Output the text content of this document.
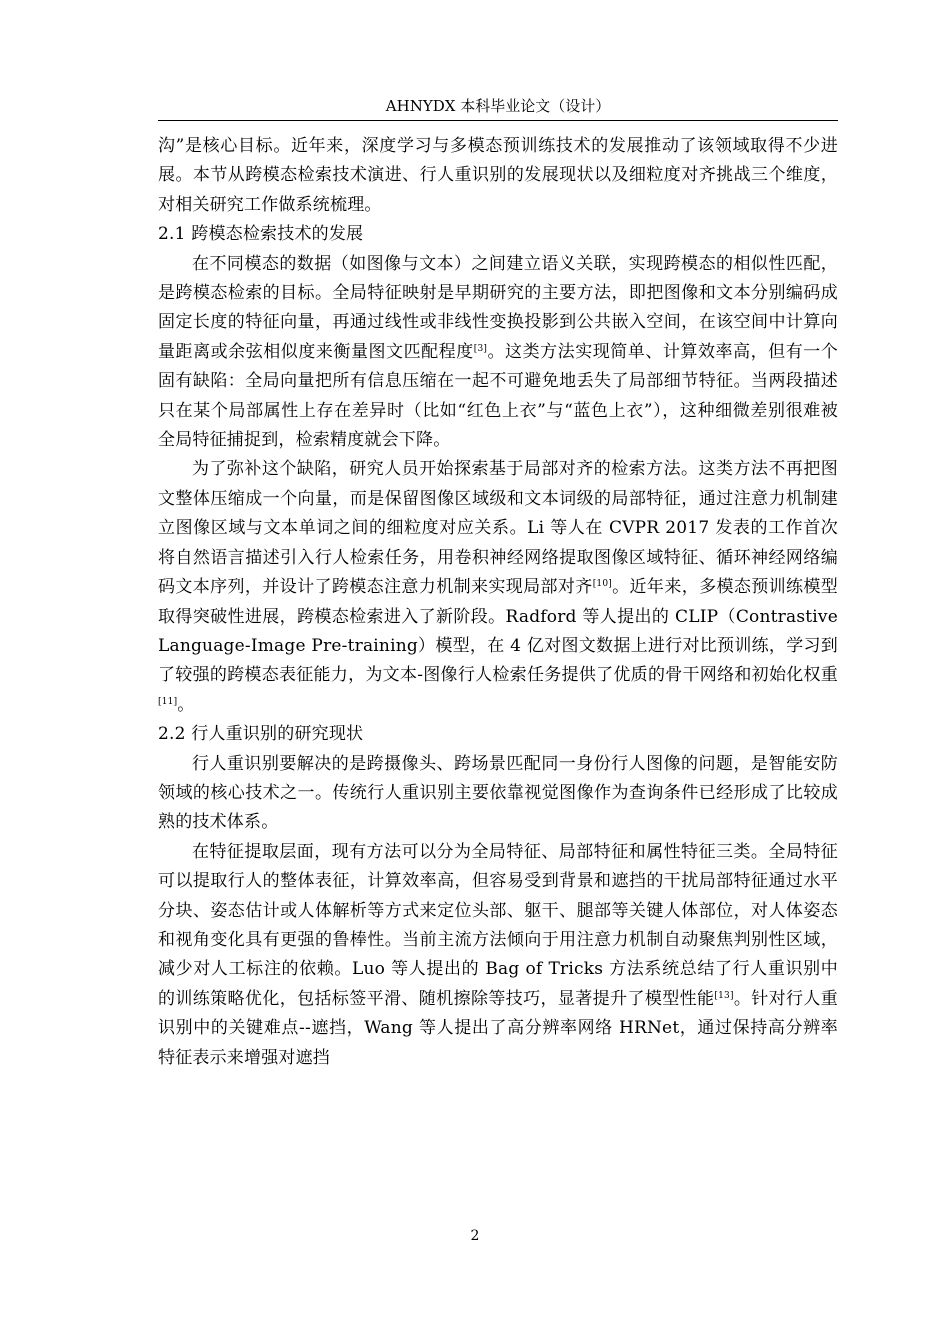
AHNYDX 本科毕业论文（设计）

沟”是核心目标。近年来，深度学习与多模态预训练技术的发展推动了该领域取得不少进展。本节从跨模态检索技术演进、行人重识别的发展现状以及细粒度对齐挑战三个维度，对相关研究工作做系统梳理。

2.1 跨模态检索技术的发展

在不同模态的数据（如图像与文本）之间建立语义关联，实现跨模态的相似性匹配，是跨模态检索的目标。全局特征映射是早期研究的主要方法，即把图像和文本分别编码成固定长度的特征向量，再通过线性或非线性变换投影到公共嵌入空间，在该空间中计算向量距离或余弦相似度来衡量图文匹配程度[3]。这类方法实现简单、计算效率高，但有一个固有缺陷：全局向量把所有信息压缩在一起不可避免地丢失了局部细节特征。当两段描述只在某个局部属性上存在差异时（比如“红色上衣”与“蓝色上衣”），这种细微差别很难被全局特征捕捉到，检索精度就会下降。

为了弥补这个缺陷，研究人员开始探索基于局部对齐的检索方法。这类方法不再把图文整体压缩成一个向量，而是保留图像区域级和文本词级的局部特征，通过注意力机制建立图像区域与文本单词之间的细粒度对应关系。Li 等人在 CVPR 2017 发表的工作首次将自然语言描述引入行人检索任务，用卷积神经网络提取图像区域特征、循环神经网络编码文本序列，并设计了跨模态注意力机制来实现局部对齐[10]。近年来，多模态预训练模型取得突破性进展，跨模态检索进入了新阶段。Radford 等人提出的 CLIP（Contrastive Language-Image Pre-training）模型，在 4 亿对图文数据上进行对比预训练，学习到了较强的跨模态表征能力，为文本-图像行人检索任务提供了优质的骨干网络和初始化权重[11]。

2.2 行人重识别的研究现状

行人重识别要解决的是跨摄像头、跨场景匹配同一身份行人图像的问题，是智能安防领域的核心技术之一。传统行人重识别主要依靠视觉图像作为查询条件已经形成了比较成熟的技术体系。

在特征提取层面，现有方法可以分为全局特征、局部特征和属性特征三类。全局特征可以提取行人的整体表征，计算效率高，但容易受到背景和遮挡的干扰局部特征通过水平分块、姿态估计或人体解析等方式来定位头部、躯干、腿部等关键人体部位，对人体姿态和视角变化具有更强的鲁棒性。当前主流方法倾向于用注意力机制自动聚焦判别性区域，减少对人工标注的依赖。Luo 等人提出的 Bag of Tricks 方法系统总结了行人重识别中的训练策略优化，包括标签平滑、随机擦除等技巧，显著提升了模型性能[13]。针对行人重识别中的关键难点--遮挡，Wang 等人提出了高分辨率网络 HRNet，通过保持高分辨率特征表示来增强对遮挡

2
